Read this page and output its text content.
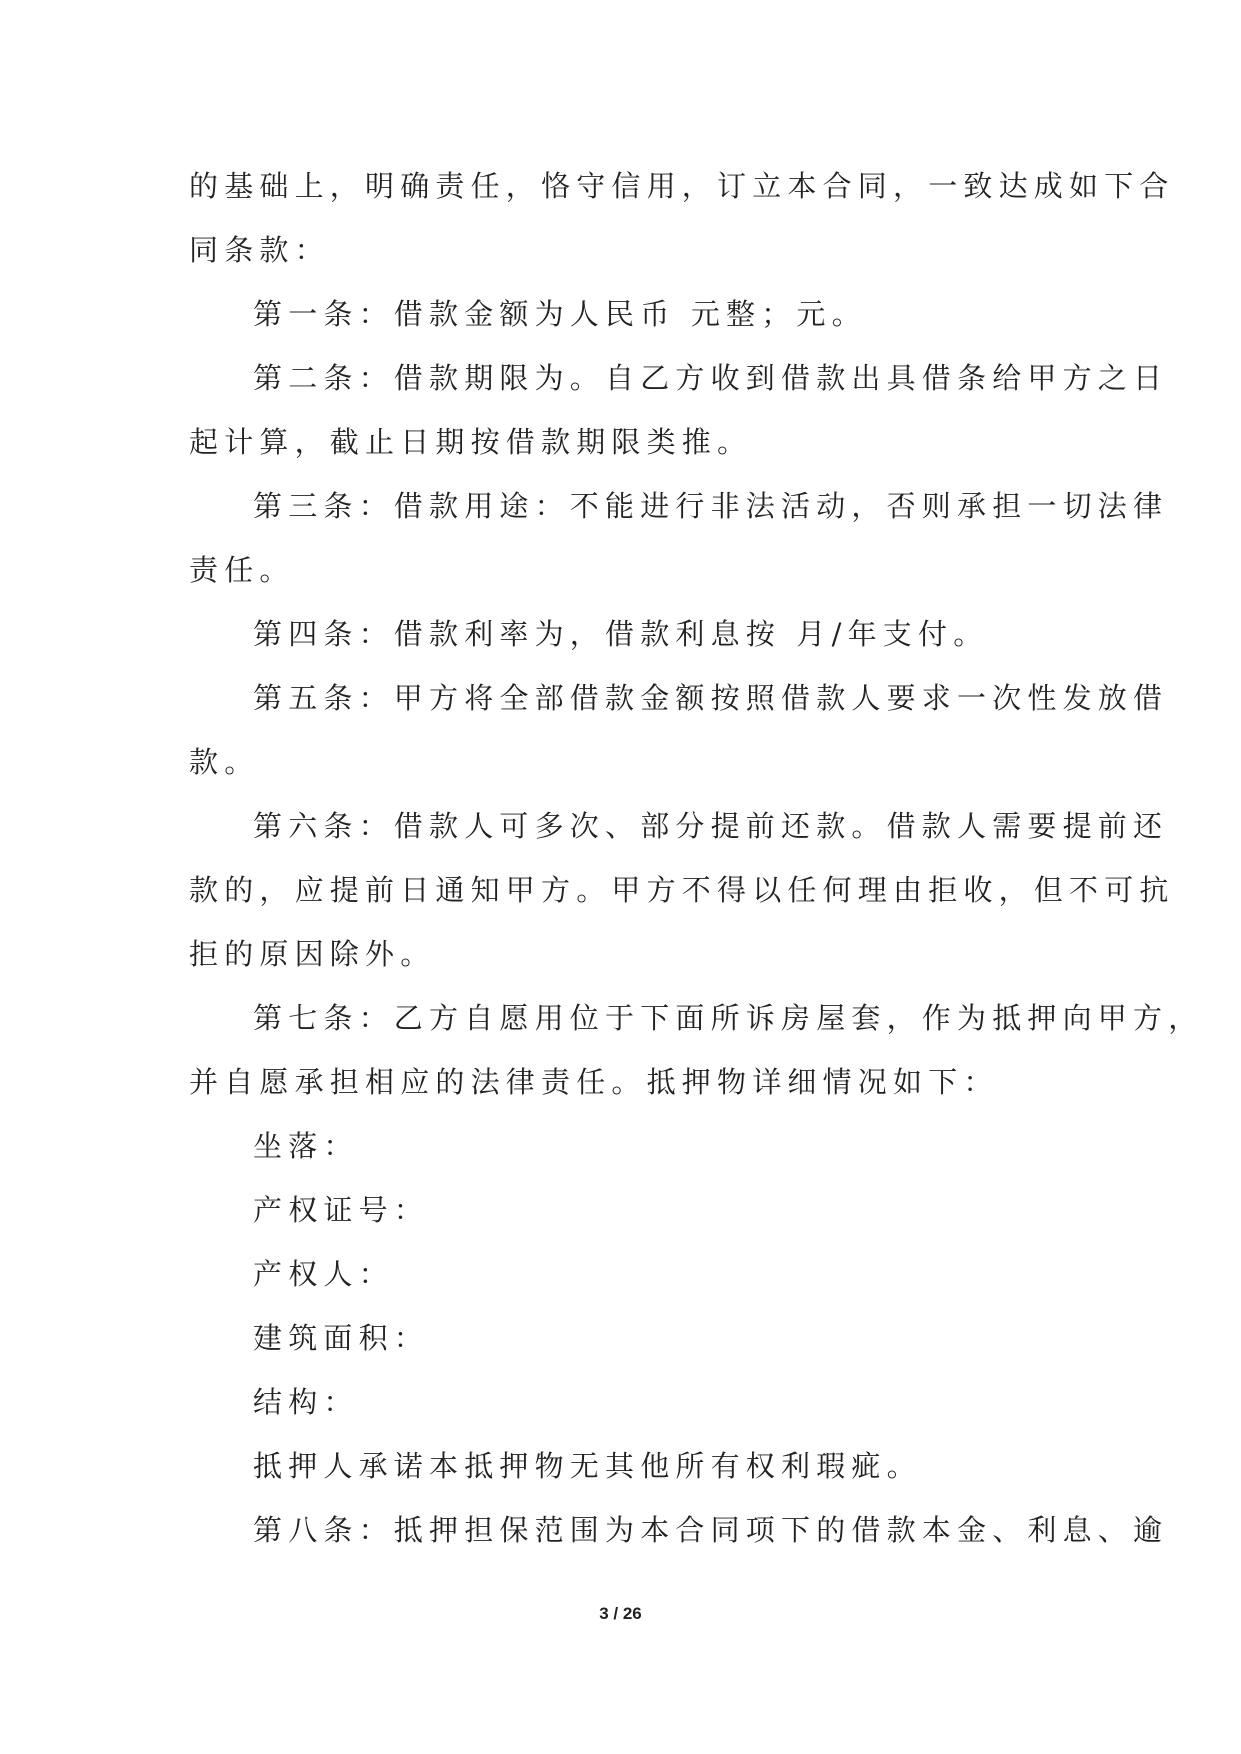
的基础上，明确责任，恪守信用，订立本合同，一致达成如下合
同条款：
第一条：借款金额为人民币 元整；元。
第二条：借款期限为。自乙方收到借款出具借条给甲方之日
起计算，截止日期按借款期限类推。
第三条：借款用途：不能进行非法活动，否则承担一切法律
责任。
第四条：借款利率为，借款利息按 月/年支付。
第五条：甲方将全部借款金额按照借款人要求一次性发放借
款。
第六条：借款人可多次、部分提前还款。借款人需要提前还
款的，应提前日通知甲方。甲方不得以任何理由拒收，但不可抗
拒的原因除外。
第七条：乙方自愿用位于下面所诉房屋套，作为抵押向甲方，
并自愿承担相应的法律责任。抵押物详细情况如下：
坐落：
产权证号：
产权人：
建筑面积：
结构：
抵押人承诺本抵押物无其他所有权利瑕疵。
第八条：抵押担保范围为本合同项下的借款本金、利息、逾
3 / 26
